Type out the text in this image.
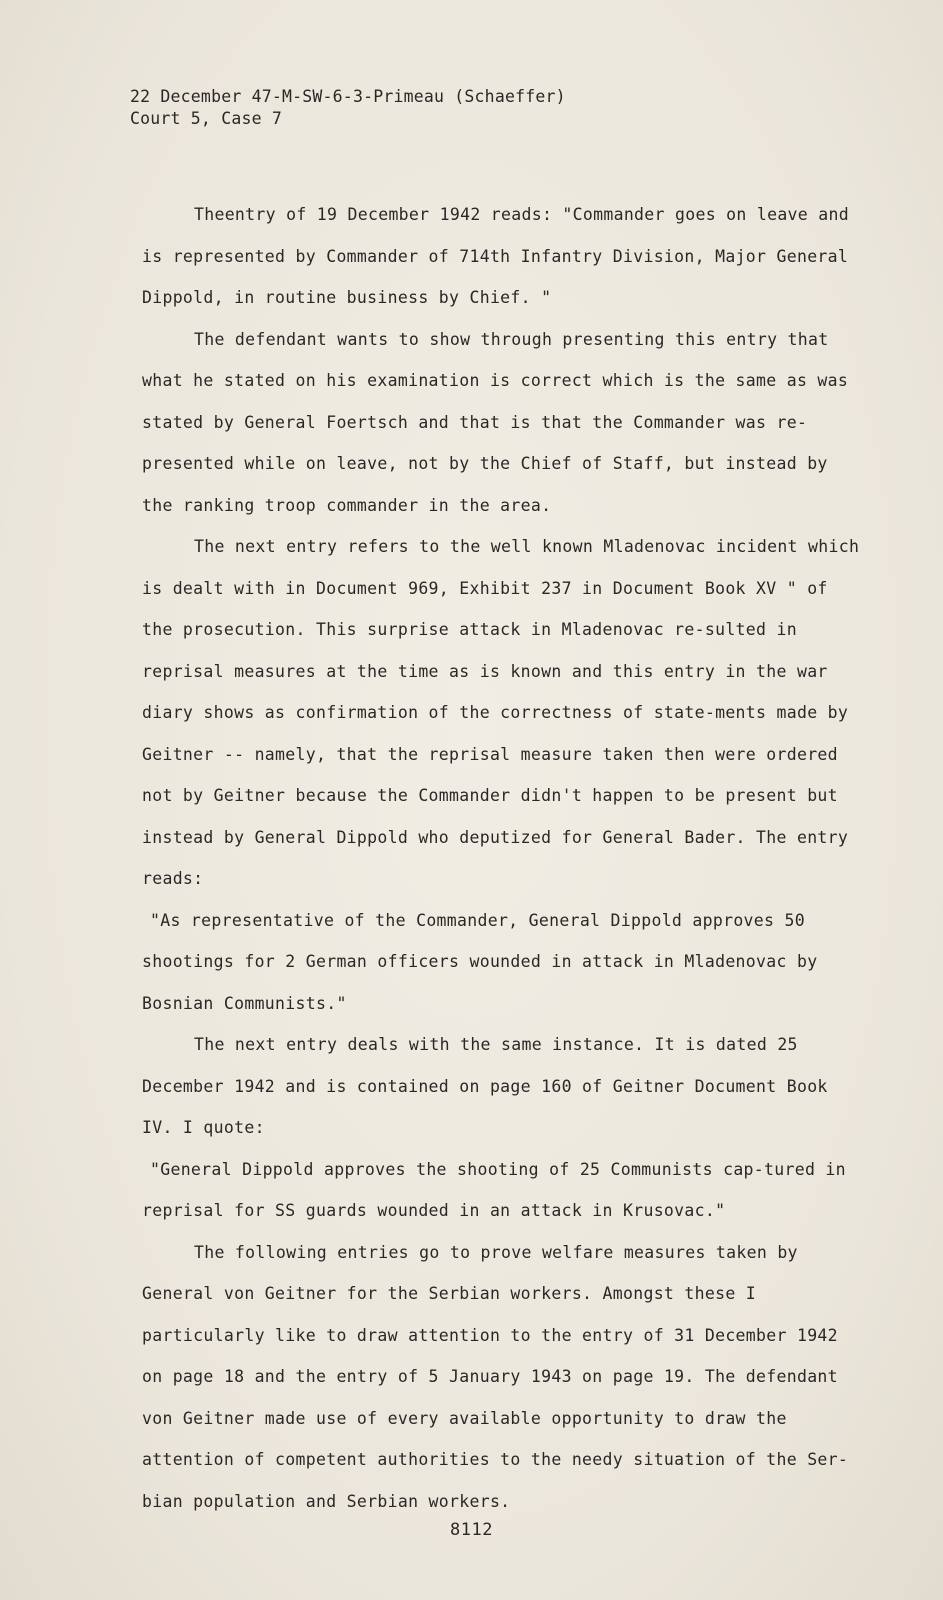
22 December 47-M-SW-6-3-Primeau (Schaeffer)
Court 5, Case 7

Theentry of 19 December 1942 reads: "Commander goes on leave and is represented by Commander of 714th Infantry Division, Major General Dippold, in routine business by Chief. "

The defendant wants to show through presenting this entry that what he stated on his examination is correct which is the same as was stated by General Foertsch and that is that the Commander was re-presented while on leave, not by the Chief of Staff, but instead by the ranking troop commander in the area.

The next entry refers to the well known Mladenovac incident which is dealt with in Document 969, Exhibit 237 in Document Book XV " of the prosecution. This surprise attack in Mladenovac re-sulted in reprisal measures at the time as is known and this entry in the war diary shows as confirmation of the correctness of state-ments made by Geitner -- namely, that the reprisal measure taken then were ordered not by Geitner because the Commander didn't happen to be present but instead by General Dippold who deputized for General Bader. The entry reads:

"As representative of the Commander, General Dippold approves 50 shootings for 2 German officers wounded in attack in Mladenovac by Bosnian Communists."

The next entry deals with the same instance. It is dated 25 December 1942 and is contained on page 160 of Geitner Document Book IV. I quote:

"General Dippold approves the shooting of 25 Communists cap-tured in reprisal for SS guards wounded in an attack in Krusovac."

The following entries go to prove welfare measures taken by General von Geitner for the Serbian workers. Amongst these I particularly like to draw attention to the entry of 31 December 1942 on page 18 and the entry of 5 January 1943 on page 19. The defendant von Geitner made use of every available opportunity to draw the attention of competent authorities to the needy situation of the Ser-bian population and Serbian workers.

8112
